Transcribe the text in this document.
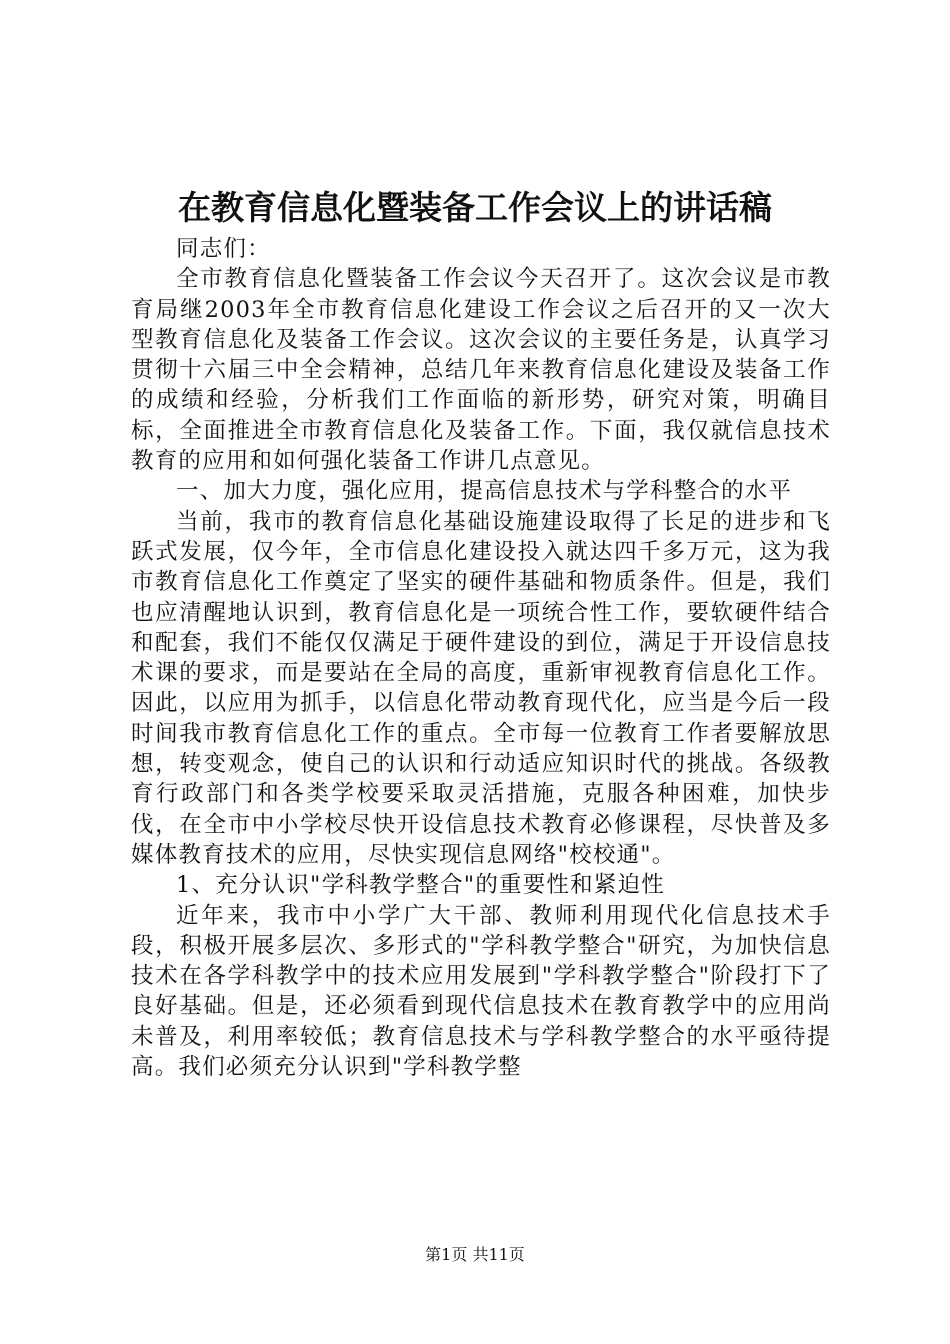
在教育信息化暨装备工作会议上的讲话稿

同志们：

全市教育信息化暨装备工作会议今天召开了。这次会议是市教育局继2003年全市教育信息化建设工作会议之后召开的又一次大型教育信息化及装备工作会议。这次会议的主要任务是，认真学习贯彻十六届三中全会精神，总结几年来教育信息化建设及装备工作的成绩和经验，分析我们工作面临的新形势，研究对策，明确目标，全面推进全市教育信息化及装备工作。下面，我仅就信息技术教育的应用和如何强化装备工作讲几点意见。

一、加大力度，强化应用，提高信息技术与学科整合的水平

当前，我市的教育信息化基础设施建设取得了长足的进步和飞跃式发展，仅今年，全市信息化建设投入就达四千多万元，这为我市教育信息化工作奠定了坚实的硬件基础和物质条件。但是，我们也应清醒地认识到，教育信息化是一项统合性工作，要软硬件结合和配套，我们不能仅仅满足于硬件建设的到位，满足于开设信息技术课的要求，而是要站在全局的高度，重新审视教育信息化工作。因此，以应用为抓手，以信息化带动教育现代化，应当是今后一段时间我市教育信息化工作的重点。全市每一位教育工作者要解放思想，转变观念，使自己的认识和行动适应知识时代的挑战。各级教育行政部门和各类学校要采取灵活措施，克服各种困难，加快步伐，在全市中小学校尽快开设信息技术教育必修课程，尽快普及多媒体教育技术的应用，尽快实现信息网络"校校通"。

1、充分认识"学科教学整合"的重要性和紧迫性

近年来，我市中小学广大干部、教师利用现代化信息技术手段，积极开展多层次、多形式的"学科教学整合"研究，为加快信息技术在各学科教学中的技术应用发展到"学科教学整合"阶段打下了良好基础。但是，还必须看到现代信息技术在教育教学中的应用尚未普及，利用率较低；教育信息技术与学科教学整合的水平亟待提高。我们必须充分认识到"学科教学整

第1页 共11页
